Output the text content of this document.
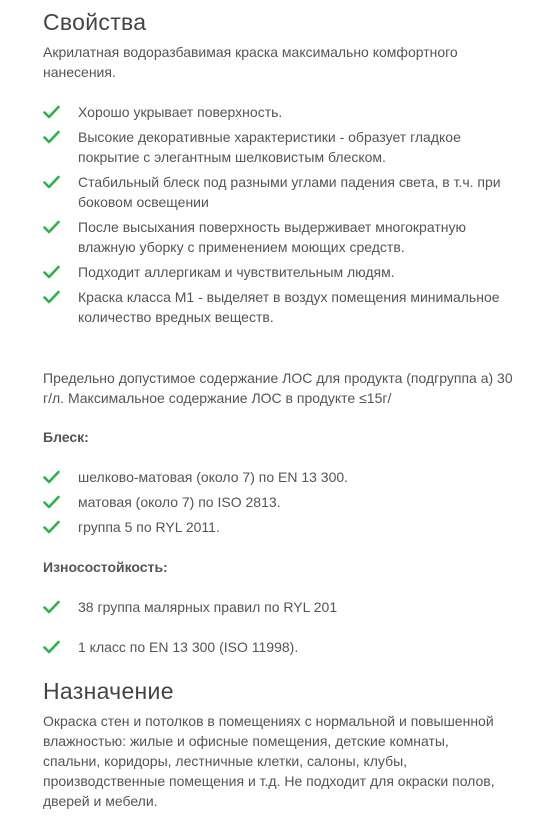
Свойства

Акрилатная водоразбавимая краска максимально комфортного нанесения.

Хорошо укрывает поверхность.
Высокие декоративные характеристики - образует гладкое покрытие с элегантным шелковистым блеском.
Стабильный блеск под разными углами падения света, в т.ч. при боковом освещении
После высыхания поверхность выдерживает многократную влажную уборку с применением моющих средств.
Подходит аллергикам и чувствительным людям.
Краска класса M1 - выделяет в воздух помещения минимальное количество вредных веществ.

Предельно допустимое содержание ЛОС для продукта (подгруппа а) 30 г/л. Максимальное содержание ЛОС в продукте ≤15г/

Блеск:
шелково-матовая (около 7) по EN 13 300.
матовая (около 7) по ISO 2813.
группа 5 по RYL 2011.
Износостойкость:
38 группа малярных правил по RYL 201
1 класс по EN 13 300 (ISO 11998).
Назначение

Окраска стен и потолков в помещениях с нормальной и повышенной влажностью: жилые и офисные помещения, детские комнаты, спальни, коридоры, лестничные клетки, салоны, клубы, производственные помещения и т.д. Не подходит для окраски полов, дверей и мебели.
